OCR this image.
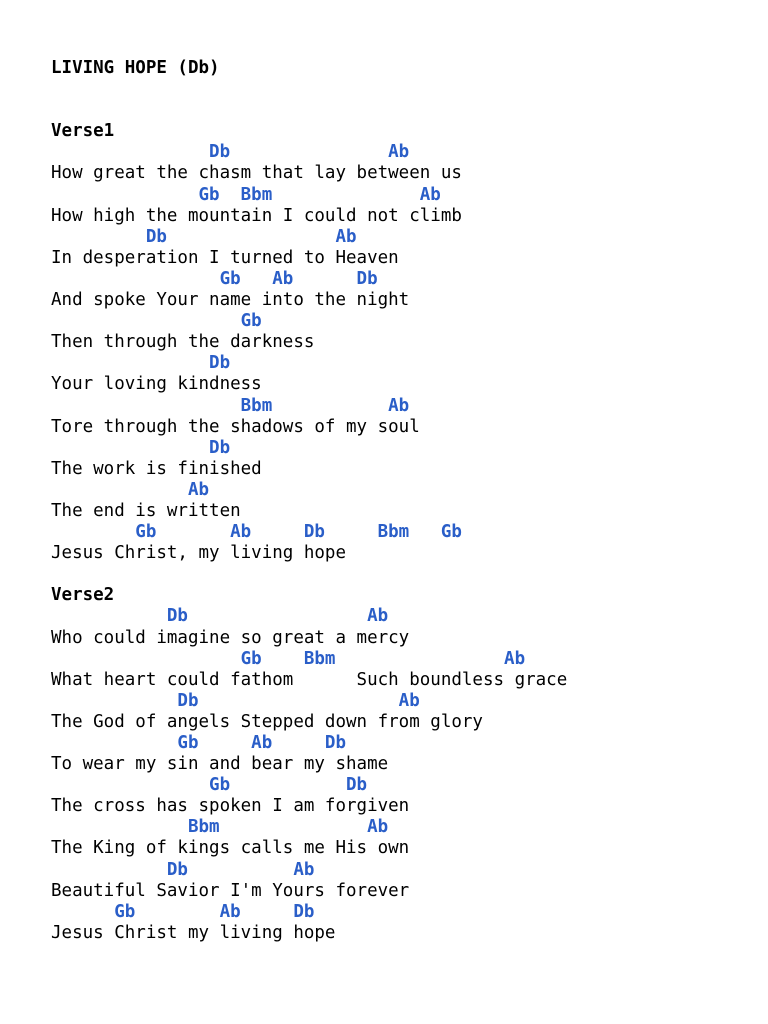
LIVING HOPE (Db)
Verse1
Db               Ab
How great the chasm that lay between us
Gb  Bbm              Ab
How high the mountain I could not climb
Db                Ab
In desperation I turned to Heaven
Gb   Ab      Db
And spoke Your name into the night
Gb
Then through the darkness
Db
Your loving kindness
Bbm           Ab
Tore through the shadows of my soul
Db
The work is finished
Ab
The end is written
Gb       Ab     Db     Bbm   Gb
Jesus Christ, my living hope
Verse2
Db                 Ab
Who could imagine so great a mercy
Gb    Bbm                Ab
What heart could fathom      Such boundless grace
Db                   Ab
The God of angels Stepped down from glory
Gb     Ab     Db
To wear my sin and bear my shame
Gb           Db
The cross has spoken I am forgiven
Bbm              Ab
The King of kings calls me His own
Db          Ab
Beautiful Savior I'm Yours forever
Gb        Ab     Db
Jesus Christ my living hope
